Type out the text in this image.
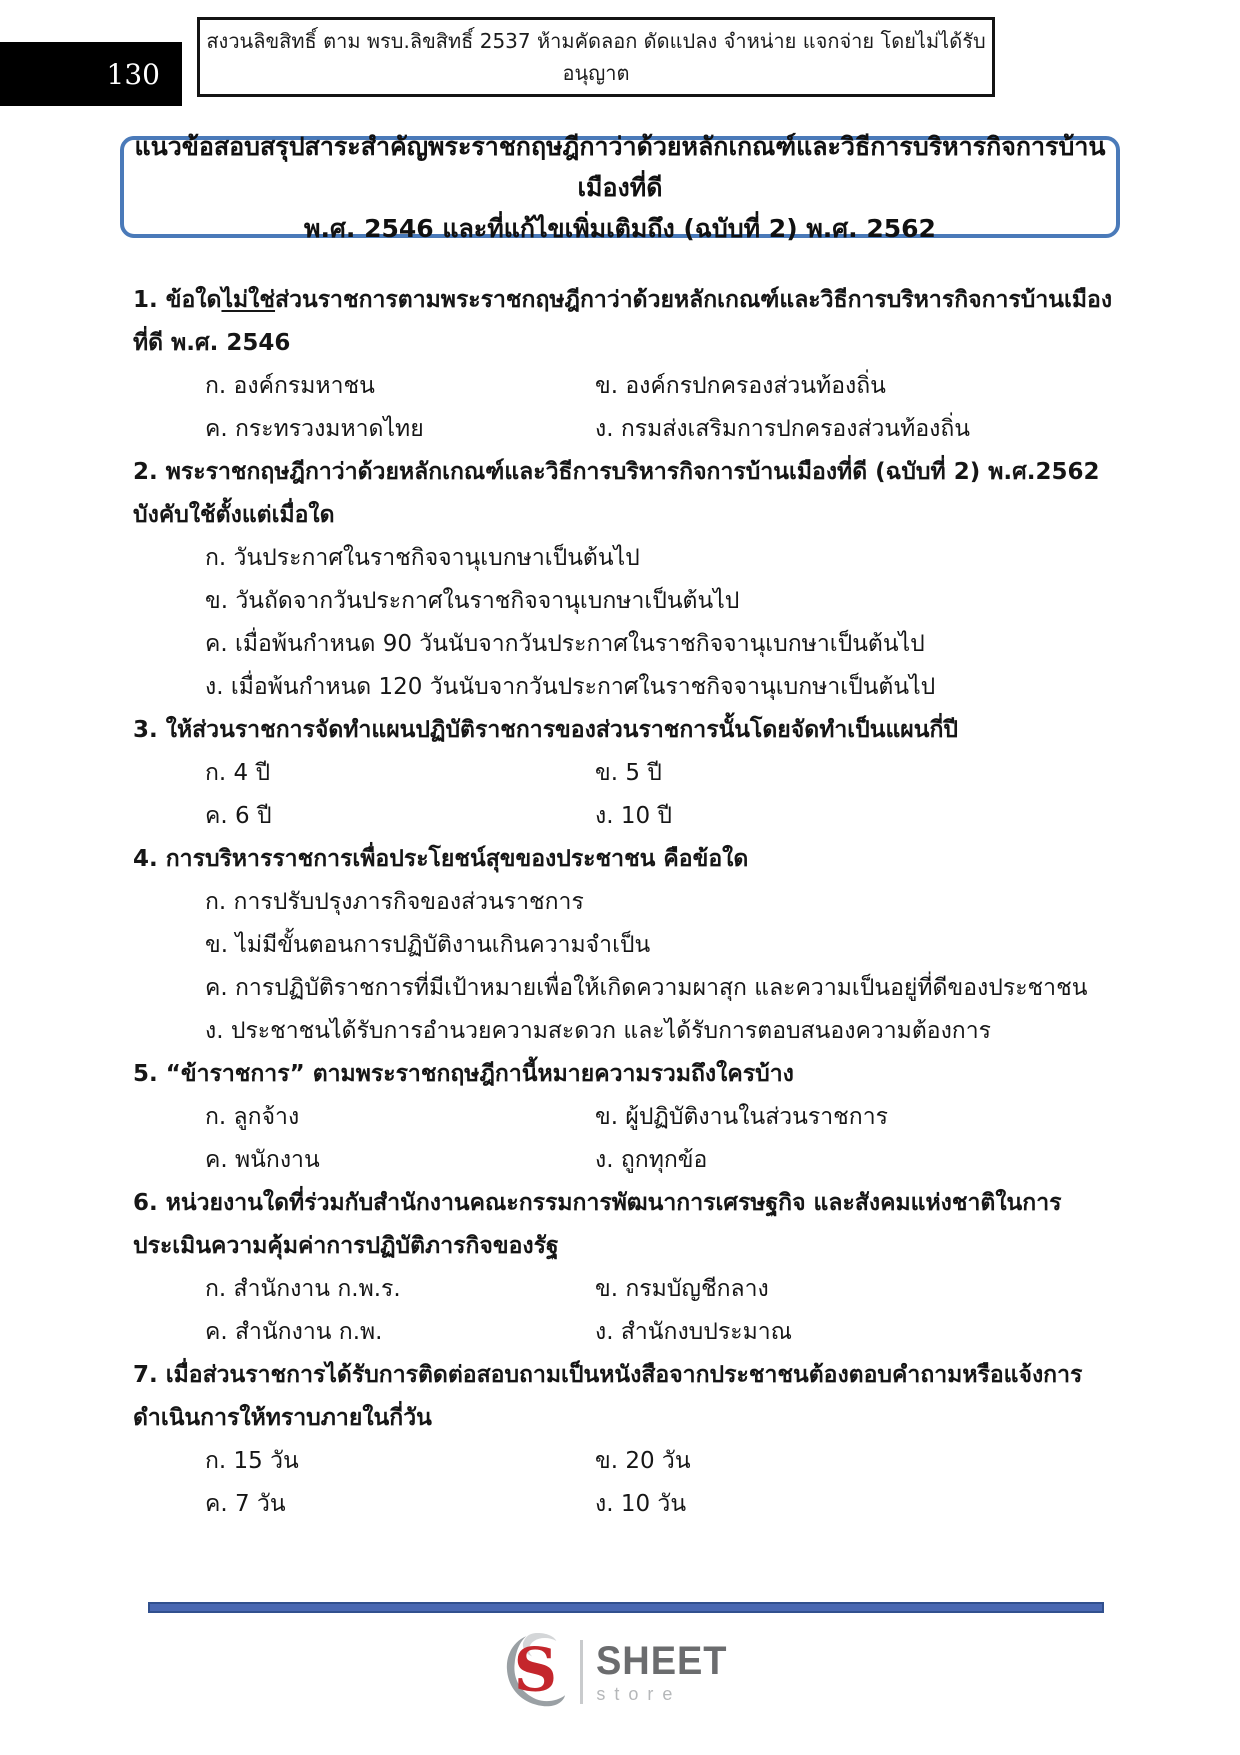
130
สงวนลิขสิทธิ์ ตาม พรบ.ลิขสิทธิ์ 2537 ห้ามคัดลอก ดัดแปลง จำหน่าย แจกจ่าย โดยไม่ได้รับอนุญาต
แนวข้อสอบสรุปสาระสำคัญพระราชกฤษฎีกาว่าด้วยหลักเกณฑ์และวิธีการบริหารกิจการบ้านเมืองที่ดี
พ.ศ. 2546 และที่แก้ไขเพิ่มเติมถึง (ฉบับที่ 2) พ.ศ. 2562
1. ข้อใดไม่ใช่ส่วนราชการตามพระราชกฤษฎีกาว่าด้วยหลักเกณฑ์และวิธีการบริหารกิจการบ้านเมือง
ที่ดี พ.ศ. 2546
ก. องค์กรมหาชน	ข. องค์กรปกครองส่วนท้องถิ่น
ค. กระทรวงมหาดไทย	ง. กรมส่งเสริมการปกครองส่วนท้องถิ่น
2. พระราชกฤษฎีกาว่าด้วยหลักเกณฑ์และวิธีการบริหารกิจการบ้านเมืองที่ดี (ฉบับที่ 2) พ.ศ.2562
บังคับใช้ตั้งแต่เมื่อใด
ก. วันประกาศในราชกิจจานุเบกษาเป็นต้นไป
ข. วันถัดจากวันประกาศในราชกิจจานุเบกษาเป็นต้นไป
ค. เมื่อพ้นกำหนด 90 วันนับจากวันประกาศในราชกิจจานุเบกษาเป็นต้นไป
ง. เมื่อพ้นกำหนด 120 วันนับจากวันประกาศในราชกิจจานุเบกษาเป็นต้นไป
3. ให้ส่วนราชการจัดทำแผนปฏิบัติราชการของส่วนราชการนั้นโดยจัดทำเป็นแผนกี่ปี
ก. 4 ปี	ข. 5 ปี
ค. 6 ปี	ง. 10 ปี
4. การบริหารราชการเพื่อประโยชน์สุขของประชาชน คือข้อใด
ก. การปรับปรุงภารกิจของส่วนราชการ
ข. ไม่มีขั้นตอนการปฏิบัติงานเกินความจำเป็น
ค. การปฏิบัติราชการที่มีเป้าหมายเพื่อให้เกิดความผาสุก และความเป็นอยู่ที่ดีของประชาชน
ง. ประชาชนได้รับการอำนวยความสะดวก และได้รับการตอบสนองความต้องการ
5. “ข้าราชการ” ตามพระราชกฤษฎีกานี้หมายความรวมถึงใครบ้าง
ก. ลูกจ้าง	ข. ผู้ปฏิบัติงานในส่วนราชการ
ค. พนักงาน	ง. ถูกทุกข้อ
6. หน่วยงานใดที่ร่วมกับสำนักงานคณะกรรมการพัฒนาการเศรษฐกิจ และสังคมแห่งชาติในการ
ประเมินความคุ้มค่าการปฏิบัติภารกิจของรัฐ
ก. สำนักงาน ก.พ.ร.	ข. กรมบัญชีกลาง
ค. สำนักงาน ก.พ.	ง. สำนักงบประมาณ
7. เมื่อส่วนราชการได้รับการติดต่อสอบถามเป็นหนังสือจากประชาชนต้องตอบคำถามหรือแจ้งการ
ดำเนินการให้ทราบภายในกี่วัน
ก. 15 วัน	ข. 20 วัน
ค. 7 วัน	ง. 10 วัน
S SHEET
store
